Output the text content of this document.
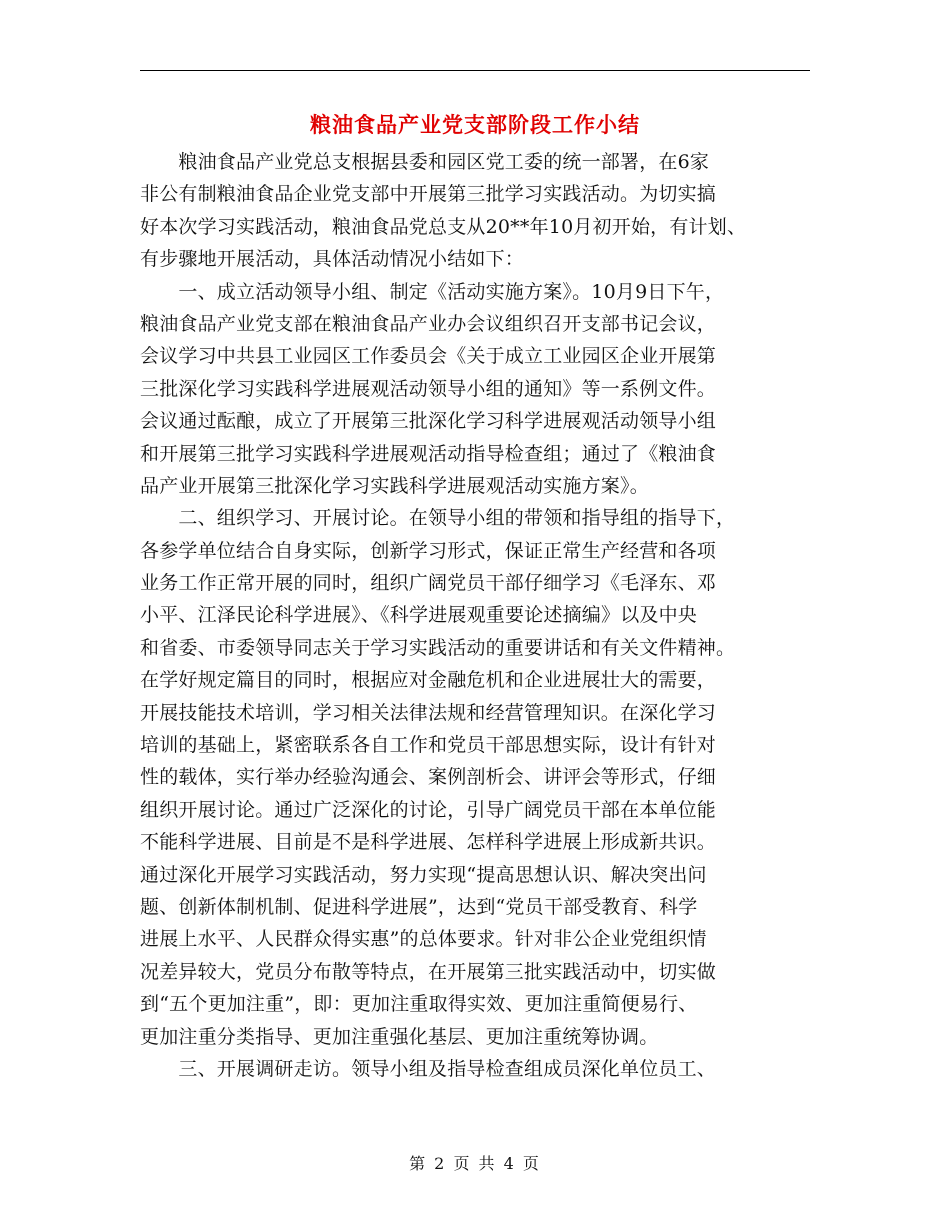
粮油食品产业党支部阶段工作小结
　　粮油食品产业党总支根据县委和园区党工委的统一部署，在6家
非公有制粮油食品企业党支部中开展第三批学习实践活动。为切实搞
好本次学习实践活动，粮油食品党总支从20**年10月初开始，有计划、
有步骤地开展活动，具体活动情况小结如下：
　　一、成立活动领导小组、制定《活动实施方案》。10月9日下午，
粮油食品产业党支部在粮油食品产业办会议组织召开支部书记会议，
会议学习中共县工业园区工作委员会《关于成立工业园区企业开展第
三批深化学习实践科学进展观活动领导小组的通知》等一系例文件。
会议通过酝酿，成立了开展第三批深化学习科学进展观活动领导小组
和开展第三批学习实践科学进展观活动指导检查组；通过了《粮油食
品产业开展第三批深化学习实践科学进展观活动实施方案》。
　　二、组织学习、开展讨论。在领导小组的带领和指导组的指导下，
各参学单位结合自身实际，创新学习形式，保证正常生产经营和各项
业务工作正常开展的同时，组织广阔党员干部仔细学习《毛泽东、邓
小平、江泽民论科学进展》、《科学进展观重要论述摘编》以及中央
和省委、市委领导同志关于学习实践活动的重要讲话和有关文件精神。
在学好规定篇目的同时，根据应对金融危机和企业进展壮大的需要，
开展技能技术培训，学习相关法律法规和经营管理知识。在深化学习
培训的基础上，紧密联系各自工作和党员干部思想实际，设计有针对
性的载体，实行举办经验沟通会、案例剖析会、讲评会等形式，仔细
组织开展讨论。通过广泛深化的讨论，引导广阔党员干部在本单位能
不能科学进展、目前是不是科学进展、怎样科学进展上形成新共识。
通过深化开展学习实践活动，努力实现“提高思想认识、解决突出问
题、创新体制机制、促进科学进展”，达到“党员干部受教育、科学
进展上水平、人民群众得实惠”的总体要求。针对非公企业党组织情
况差异较大，党员分布散等特点，在开展第三批实践活动中，切实做
到“五个更加注重”，即：更加注重取得实效、更加注重简便易行、
更加注重分类指导、更加注重强化基层、更加注重统筹协调。
　　三、开展调研走访。领导小组及指导检查组成员深化单位员工、
第 2 页 共 4 页
